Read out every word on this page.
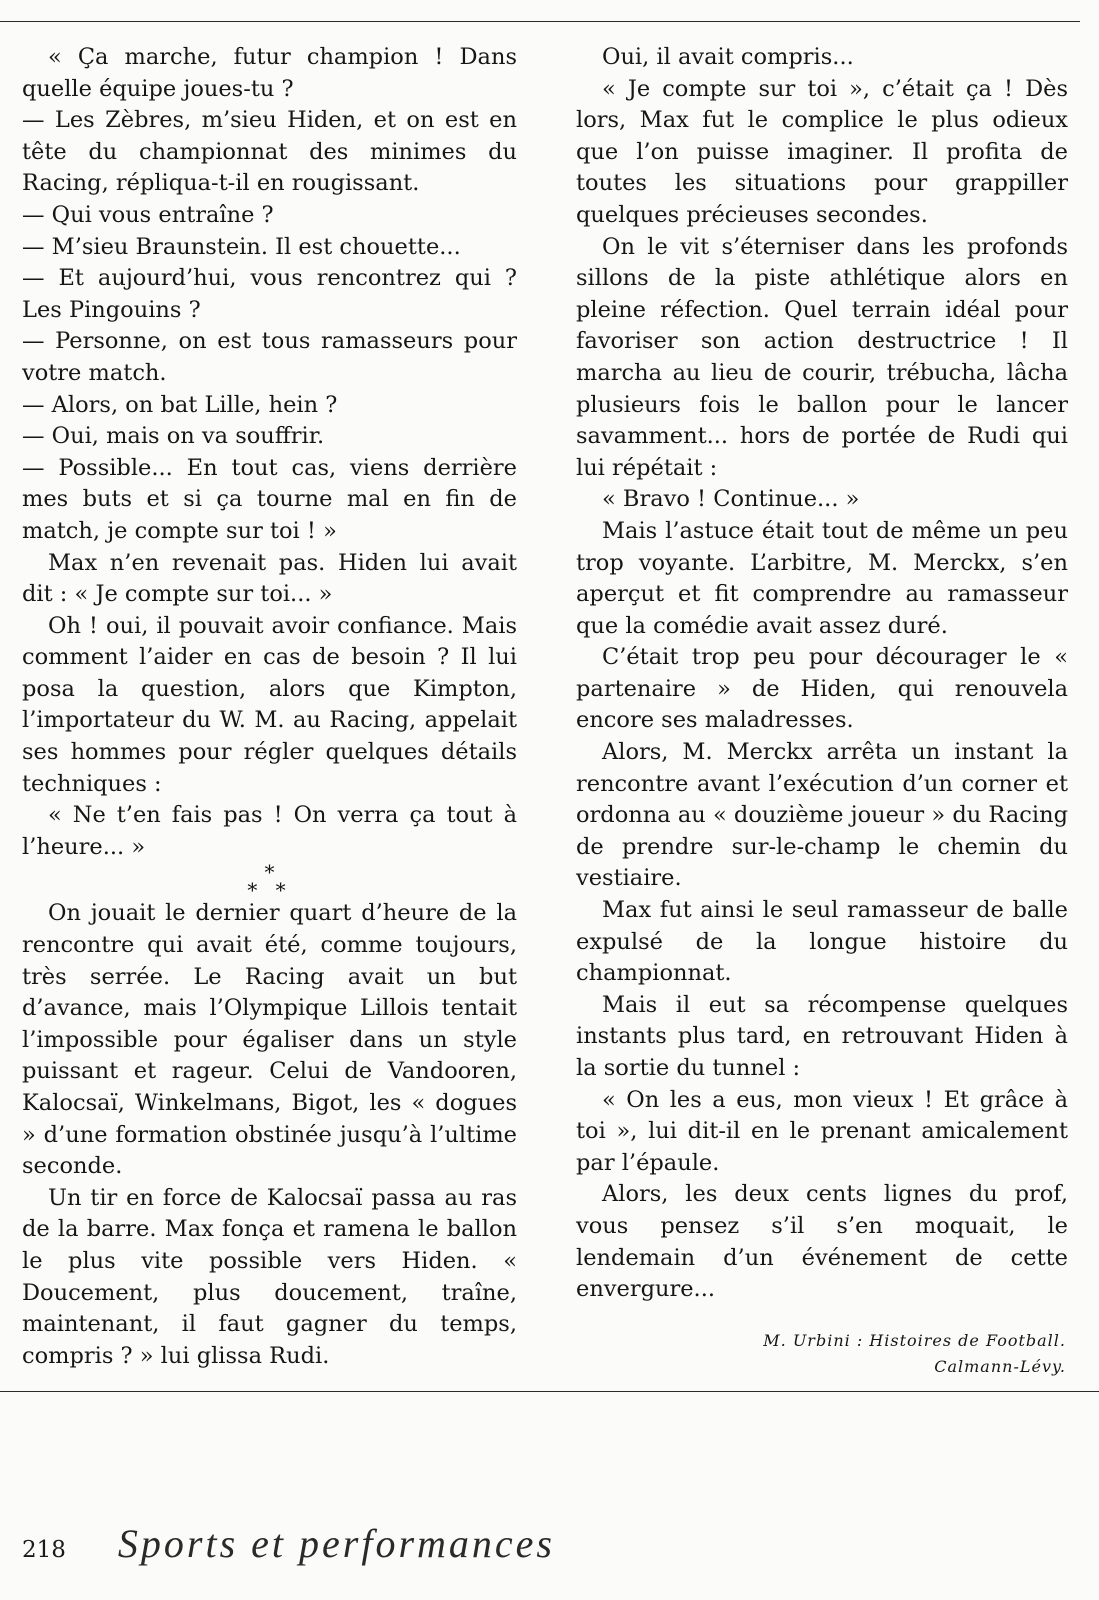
« Ça marche, futur champion ! Dans quelle équipe joues-tu ?

— Les Zèbres, m’sieu Hiden, et on est en tête du championnat des minimes du Racing, répliqua-t-il en rougissant.

— Qui vous entraîne ?

— M’sieu Braunstein. Il est chouette...

— Et aujourd’hui, vous rencontrez qui ? Les Pingouins ?

— Personne, on est tous ramasseurs pour votre match.

— Alors, on bat Lille, hein ?

— Oui, mais on va souffrir.

— Possible... En tout cas, viens derrière mes buts et si ça tourne mal en fin de match, je compte sur toi ! »

Max n’en revenait pas. Hiden lui avait dit : « Je compte sur toi... »

Oh ! oui, il pouvait avoir confiance. Mais comment l’aider en cas de besoin ? Il lui posa la question, alors que Kimpton, l’importateur du W. M. au Racing, appelait ses hommes pour régler quelques détails techniques :

« Ne t’en fais pas ! On verra ça tout à l’heure... »

*
* *

On jouait le dernier quart d’heure de la rencontre qui avait été, comme toujours, très serrée. Le Racing avait un but d’avance, mais l’Olympique Lillois tentait l’impossible pour égaliser dans un style puissant et rageur. Celui de Vandooren, Kalocsaï, Winkelmans, Bigot, les « dogues » d’une formation obstinée jusqu’à l’ultime seconde.

Un tir en force de Kalocsaï passa au ras de la barre. Max fonça et ramena le ballon le plus vite possible vers Hiden. « Doucement, plus doucement, traîne, maintenant, il faut gagner du temps, compris ? » lui glissa Rudi.

Oui, il avait compris...

« Je compte sur toi », c’était ça ! Dès lors, Max fut le complice le plus odieux que l’on puisse imaginer. Il profita de toutes les situations pour grappiller quelques précieuses secondes.

On le vit s’éterniser dans les profonds sillons de la piste athlétique alors en pleine réfection. Quel terrain idéal pour favoriser son action destructrice ! Il marcha au lieu de courir, trébucha, lâcha plusieurs fois le ballon pour le lancer savamment... hors de portée de Rudi qui lui répétait :

« Bravo ! Continue... »

Mais l’astuce était tout de même un peu trop voyante. L’arbitre, M. Merckx, s’en aperçut et fit comprendre au ramasseur que la comédie avait assez duré.

C’était trop peu pour décourager le « partenaire » de Hiden, qui renouvela encore ses maladresses.

Alors, M. Merckx arrêta un instant la rencontre avant l’exécution d’un corner et ordonna au « douzième joueur » du Racing de prendre sur-le-champ le chemin du vestiaire.

Max fut ainsi le seul ramasseur de balle expulsé de la longue histoire du championnat.

Mais il eut sa récompense quelques instants plus tard, en retrouvant Hiden à la sortie du tunnel :

« On les a eus, mon vieux ! Et grâce à toi », lui dit-il en le prenant amicalement par l’épaule.

Alors, les deux cents lignes du prof, vous pensez s’il s’en moquait, le lendemain d’un événement de cette envergure...

M. Urbini : Histoires de Football.
Calmann-Lévy.
218 Sports et performances
